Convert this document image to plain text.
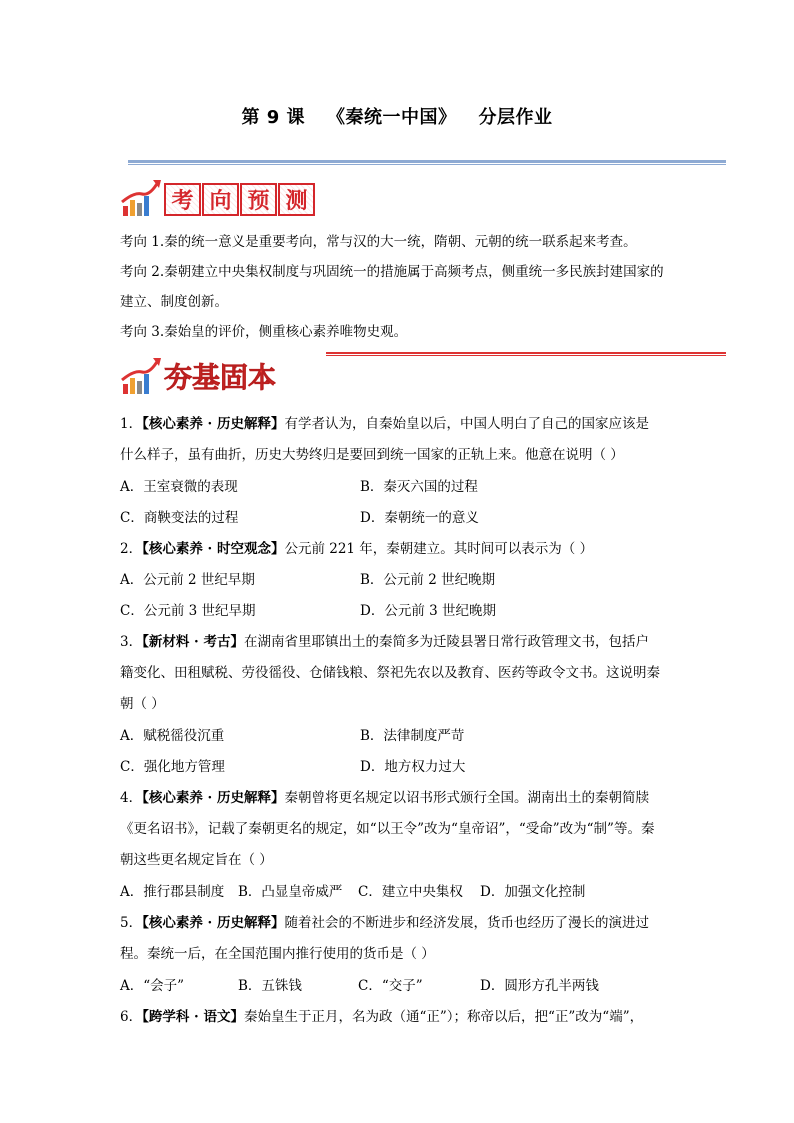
第 9 课 《秦统一中国》 分层作业
考 向 预 测
考向 1.秦的统一意义是重要考向，常与汉的大一统，隋朝、元朝的统一联系起来考查。
考向 2.秦朝建立中央集权制度与巩固统一的措施属于高频考点，侧重统一多民族封建国家的
建立、制度创新。
考向 3.秦始皇的评价，侧重核心素养唯物史观。
夯基固本
1．【核心素养 · 历史解释】有学者认为，自秦始皇以后，中国人明白了自己的国家应该是
什么样子，虽有曲折，历史大势终归是要回到统一国家的正轨上来。他意在说明（ ）
A．王室衰微的表现	B．秦灭六国的过程
C．商鞅变法的过程	D．秦朝统一的意义
2．【核心素养 · 时空观念】公元前 221 年，秦朝建立。其时间可以表示为（ ）
A．公元前 2 世纪早期	B．公元前 2 世纪晚期
C．公元前 3 世纪早期	D．公元前 3 世纪晚期
3．【新材料 · 考古】在湖南省里耶镇出土的秦简多为迁陵县署日常行政管理文书，包括户
籍变化、田租赋税、劳役徭役、仓储钱粮、祭祀先农以及教育、医药等政令文书。这说明秦
朝（ ）
A．赋税徭役沉重	B．法律制度严苛
C．强化地方管理	D．地方权力过大
4．【核心素养 · 历史解释】秦朝曾将更名规定以诏书形式颁行全国。湖南出土的秦朝简牍
《更名诏书》，记载了秦朝更名的规定，如“以王令”改为“皇帝诏”，“受命”改为“制”等。秦
朝这些更名规定旨在（ ）
A．推行郡县制度 B．凸显皇帝威严 C．建立中央集权 D．加强文化控制
5．【核心素养 · 历史解释】随着社会的不断进步和经济发展，货币也经历了漫长的演进过
程。秦统一后，在全国范围内推行使用的货币是（ ）
A．“会子”	B．五铢钱	C．“交子”	D．圆形方孔半两钱
6．【跨学科 · 语文】秦始皇生于正月，名为政（通“正”）；称帝以后，把“正”改为“端”，
